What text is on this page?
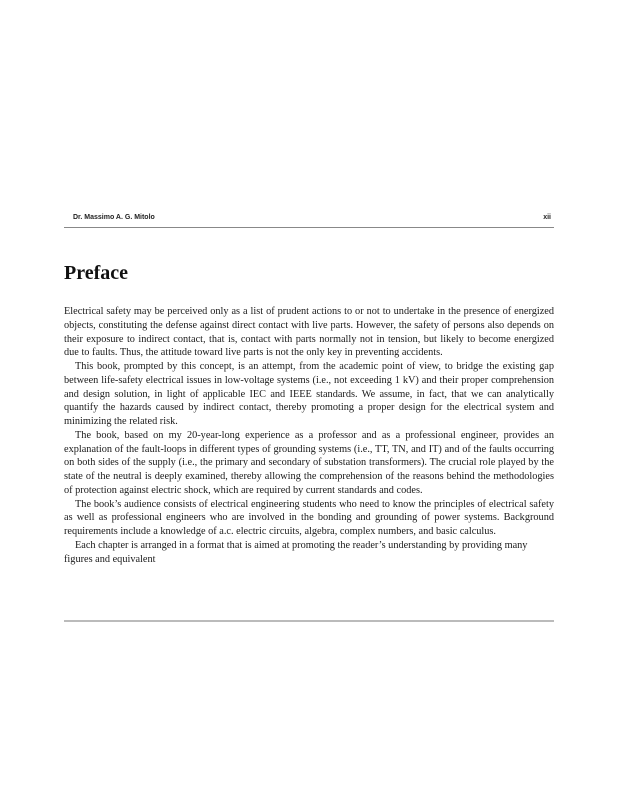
Dr. Massimo A. G. Mitolo	xii
Preface

Electrical safety may be perceived only as a list of prudent actions to or not to undertake in the presence of energized objects, constituting the defense against direct contact with live parts. However, the safety of persons also depends on their exposure to indirect contact, that is, contact with parts normally not in tension, but likely to become energized due to faults. Thus, the attitude toward live parts is not the only key in preventing accidents.

This book, prompted by this concept, is an attempt, from the academic point of view, to bridge the existing gap between life-safety electrical issues in low-voltage systems (i.e., not exceeding 1 kV) and their proper comprehension and design solution, in light of applicable IEC and IEEE standards. We assume, in fact, that we can analytically quantify the hazards caused by indirect contact, thereby promoting a proper design for the electrical system and minimizing the related risk.

The book, based on my 20-year-long experience as a professor and as a professional engineer, provides an explanation of the fault-loops in different types of grounding systems (i.e., TT, TN, and IT) and of the faults occurring on both sides of the supply (i.e., the primary and secondary of substation transformers). The crucial role played by the state of the neutral is deeply examined, thereby allowing the comprehension of the reasons behind the methodologies of protection against electric shock, which are required by current standards and codes.

The book’s audience consists of electrical engineering students who need to know the principles of electrical safety as well as professional engineers who are involved in the bonding and grounding of power systems. Background requirements include a knowledge of a.c. electric circuits, algebra, complex numbers, and basic calculus.

Each chapter is arranged in a format that is aimed at promoting the reader’s understanding by providing many figures and equivalent
